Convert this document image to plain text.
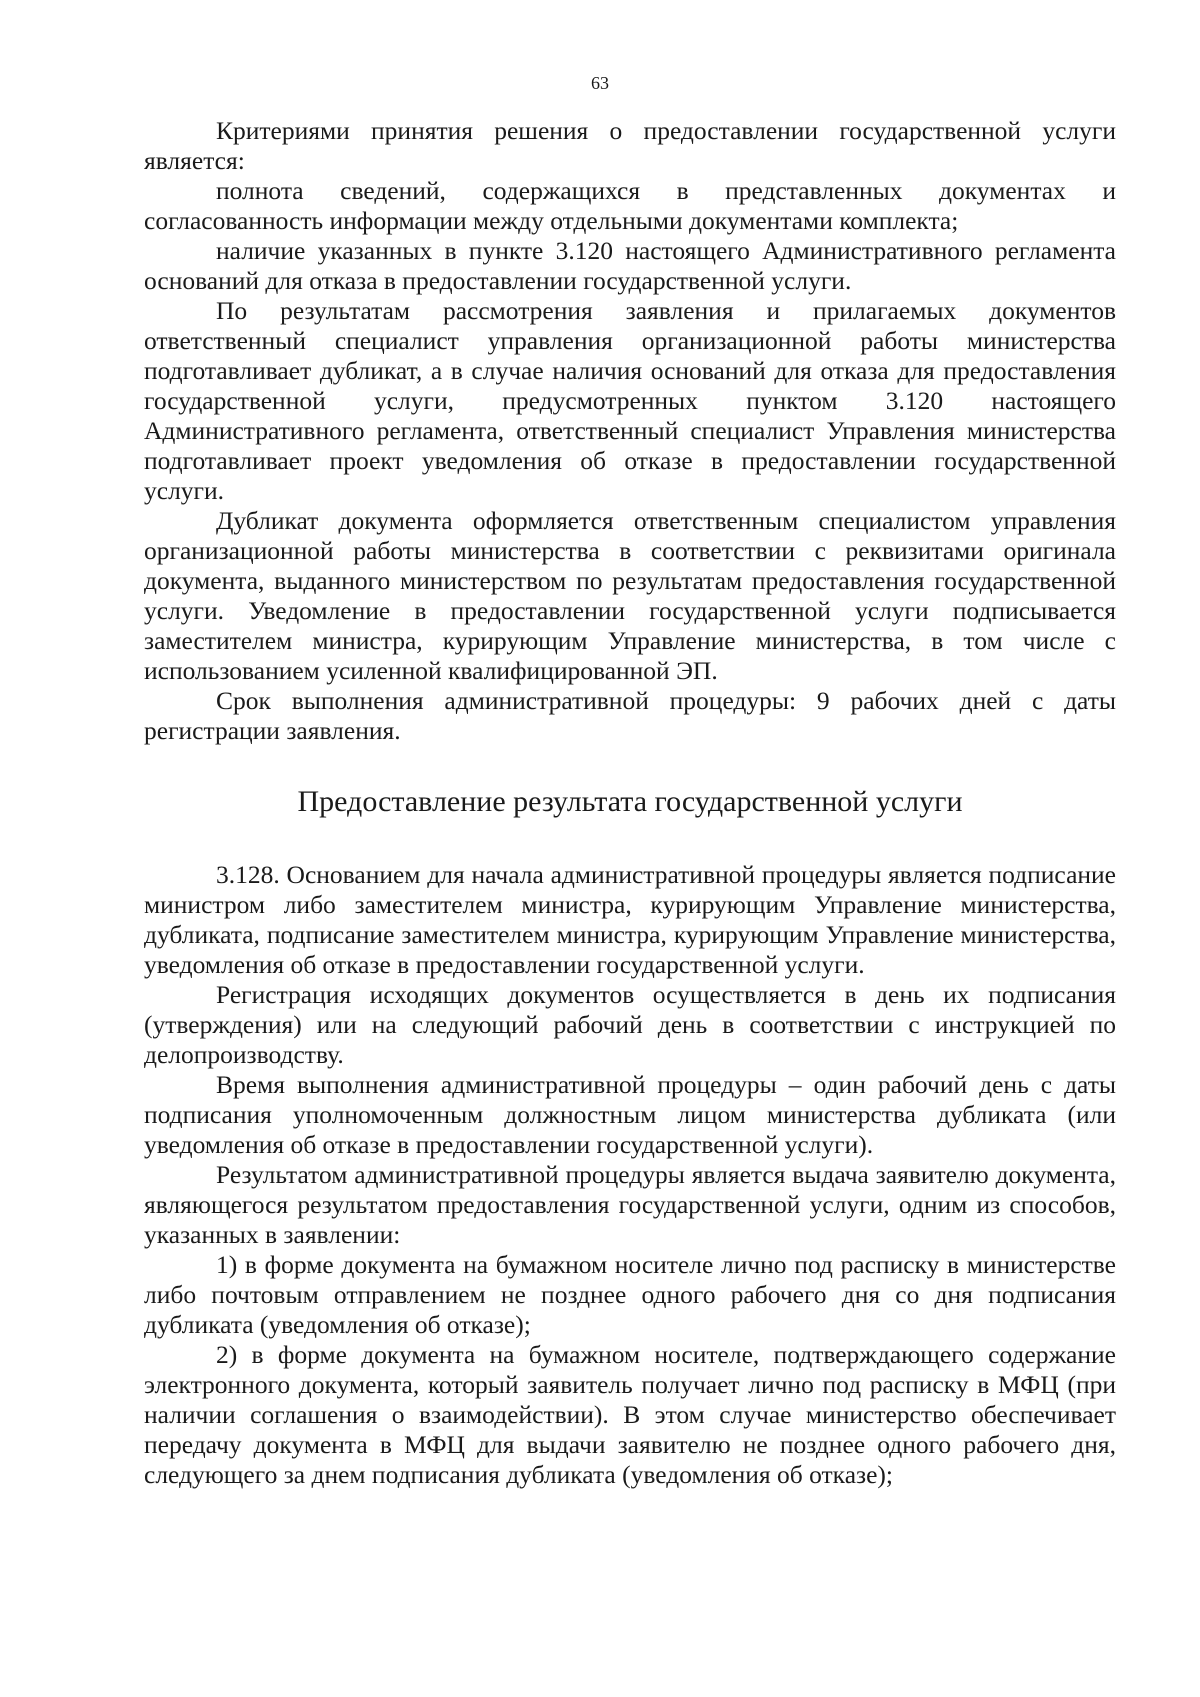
63

Критериями принятия решения о предоставлении государственной услуги является:

полнота сведений, содержащихся в представленных документах и согласованность информации между отдельными документами комплекта;

наличие указанных в пункте 3.120 настоящего Административного регламента оснований для отказа в предоставлении государственной услуги.

По результатам рассмотрения заявления и прилагаемых документов ответственный специалист управления организационной работы министерства подготавливает дубликат, а в случае наличия оснований для отказа для предоставления государственной услуги, предусмотренных пунктом 3.120 настоящего Административного регламента, ответственный специалист Управления министерства подготавливает проект уведомления об отказе в предоставлении государственной услуги.

Дубликат документа оформляется ответственным специалистом управления организационной работы министерства в соответствии с реквизитами оригинала документа, выданного министерством по результатам предоставления государственной услуги. Уведомление в предоставлении государственной услуги подписывается заместителем министра, курирующим Управление министерства, в том числе с использованием усиленной квалифицированной ЭП.

Срок выполнения административной процедуры: 9 рабочих дней с даты регистрации заявления.

Предоставление результата государственной услуги

3.128. Основанием для начала административной процедуры является подписание министром либо заместителем министра, курирующим Управление министерства, дубликата, подписание заместителем министра, курирующим Управление министерства, уведомления об отказе в предоставлении государственной услуги.

Регистрация исходящих документов осуществляется в день их подписания (утверждения) или на следующий рабочий день в соответствии с инструкцией по делопроизводству.

Время выполнения административной процедуры – один рабочий день с даты подписания уполномоченным должностным лицом министерства дубликата (или уведомления об отказе в предоставлении государственной услуги).

Результатом административной процедуры является выдача заявителю документа, являющегося результатом предоставления государственной услуги, одним из способов, указанных в заявлении:

1) в форме документа на бумажном носителе лично под расписку в министерстве либо почтовым отправлением не позднее одного рабочего дня со дня подписания дубликата (уведомления об отказе);

2) в форме документа на бумажном носителе, подтверждающего содержание электронного документа, который заявитель получает лично под расписку в МФЦ (при наличии соглашения о взаимодействии). В этом случае министерство обеспечивает передачу документа в МФЦ для выдачи заявителю не позднее одного рабочего дня, следующего за днем подписания дубликата (уведомления об отказе);
